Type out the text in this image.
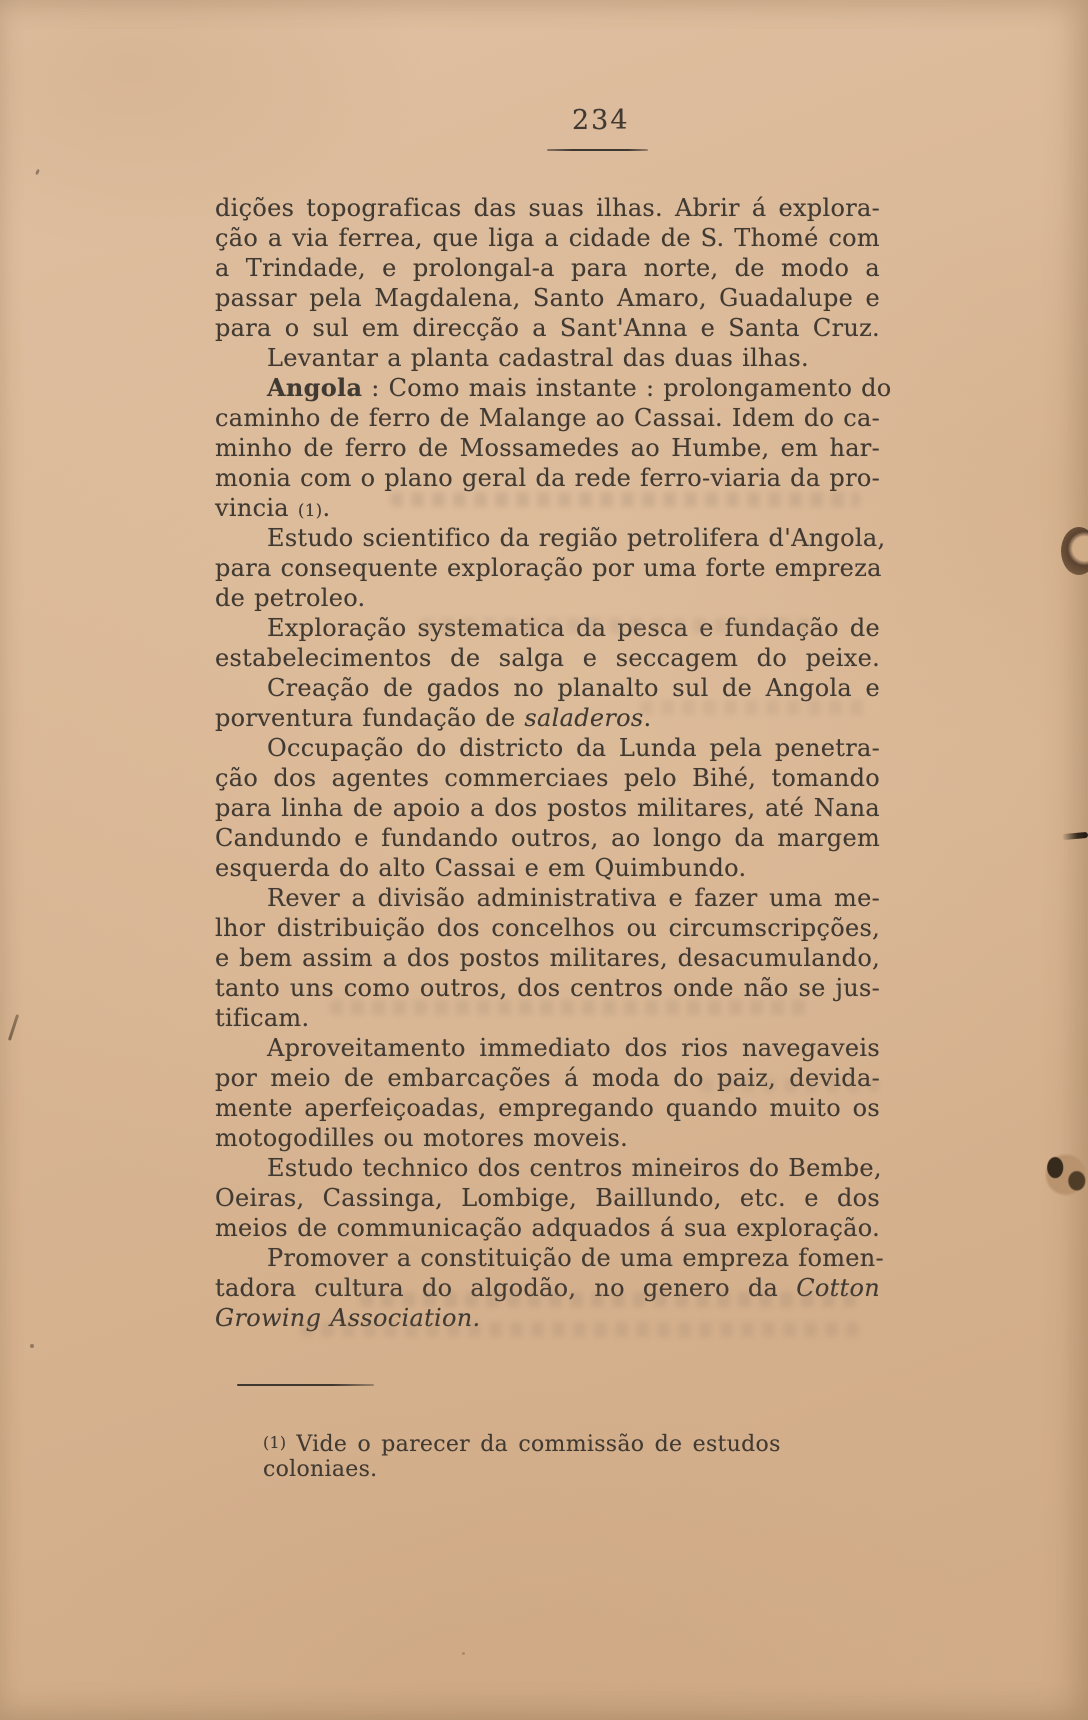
234
dições topograficas das suas ilhas. Abrir á explora-
ção a via ferrea, que liga a cidade de S. Thomé com
a Trindade, e prolongal-a para norte, de modo a
passar pela Magdalena, Santo Amaro, Guadalupe e
para o sul em direcção a Sant'Anna e Santa Cruz.
Levantar a planta cadastral das duas ilhas.
Angola : Como mais instante : prolongamento do
caminho de ferro de Malange ao Cassai. Idem do ca-
minho de ferro de Mossamedes ao Humbe, em har-
monia com o plano geral da rede ferro-viaria da pro-
vincia (1).
Estudo scientifico da região petrolifera d'Angola,
para consequente exploração por uma forte empreza
de petroleo.
Exploração systematica da pesca e fundação de
estabelecimentos de salga e seccagem do peixe.
Creação de gados no planalto sul de Angola e
porventura fundação de saladeros.
Occupação do districto da Lunda pela penetra-
ção dos agentes commerciaes pelo Bihé, tomando
para linha de apoio a dos postos militares, até Nana
Candundo e fundando outros, ao longo da margem
esquerda do alto Cassai e em Quimbundo.
Rever a divisão administrativa e fazer uma me-
lhor distribuição dos concelhos ou circumscripções,
e bem assim a dos postos militares, desacumulando,
tanto uns como outros, dos centros onde não se jus-
tificam.
Aproveitamento immediato dos rios navegaveis
por meio de embarcações á moda do paiz, devida-
mente aperfeiçoadas, empregando quando muito os
motogodilles ou motores moveis.
Estudo technico dos centros mineiros do Bembe,
Oeiras, Cassinga, Lombige, Baillundo, etc. e dos
meios de communicação adquados á sua exploração.
Promover a constituição de uma empreza fomen-
tadora cultura do algodão, no genero da Cotton
Growing Association.
(1) Vide o parecer da commissão de estudos coloniaes.
